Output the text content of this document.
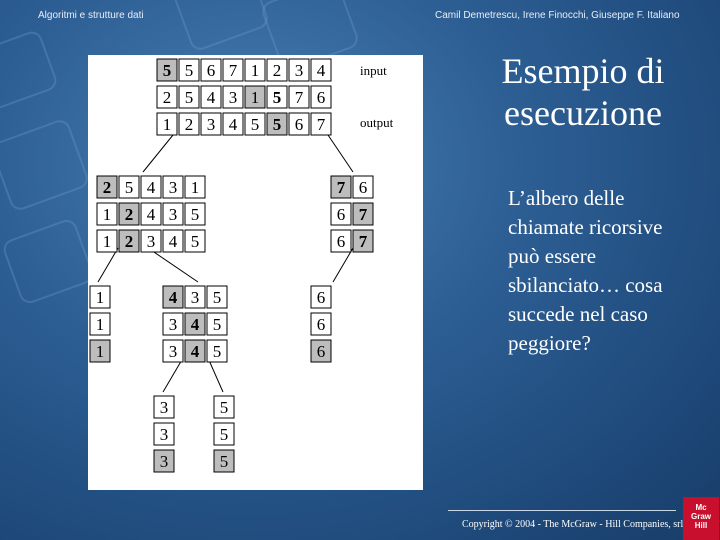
Algoritmi e strutture dati	Camil Demetrescu, Irene Finocchi, Giuseppe F. Italiano
5 5 6 7 1 2 3 4
2 5 4 3 1 5 7 6
1 2 3 4 5 5 6 7
2 5 4 3 1
1 2 4 3 5
1 2 3 4 5
7 6
6 7
6 7
1
1
1
4 3 5
3 4 5
3 4 5
6
6
6
3
3
3
5
5
5
input
output
Esempio di esecuzione
L’albero delle chiamate ricorsive può essere sbilanciato… cosa succede nel caso peggiore?
Copyright © 2004 - The McGraw - Hill Companies, srl
Mc
Graw
Hill
